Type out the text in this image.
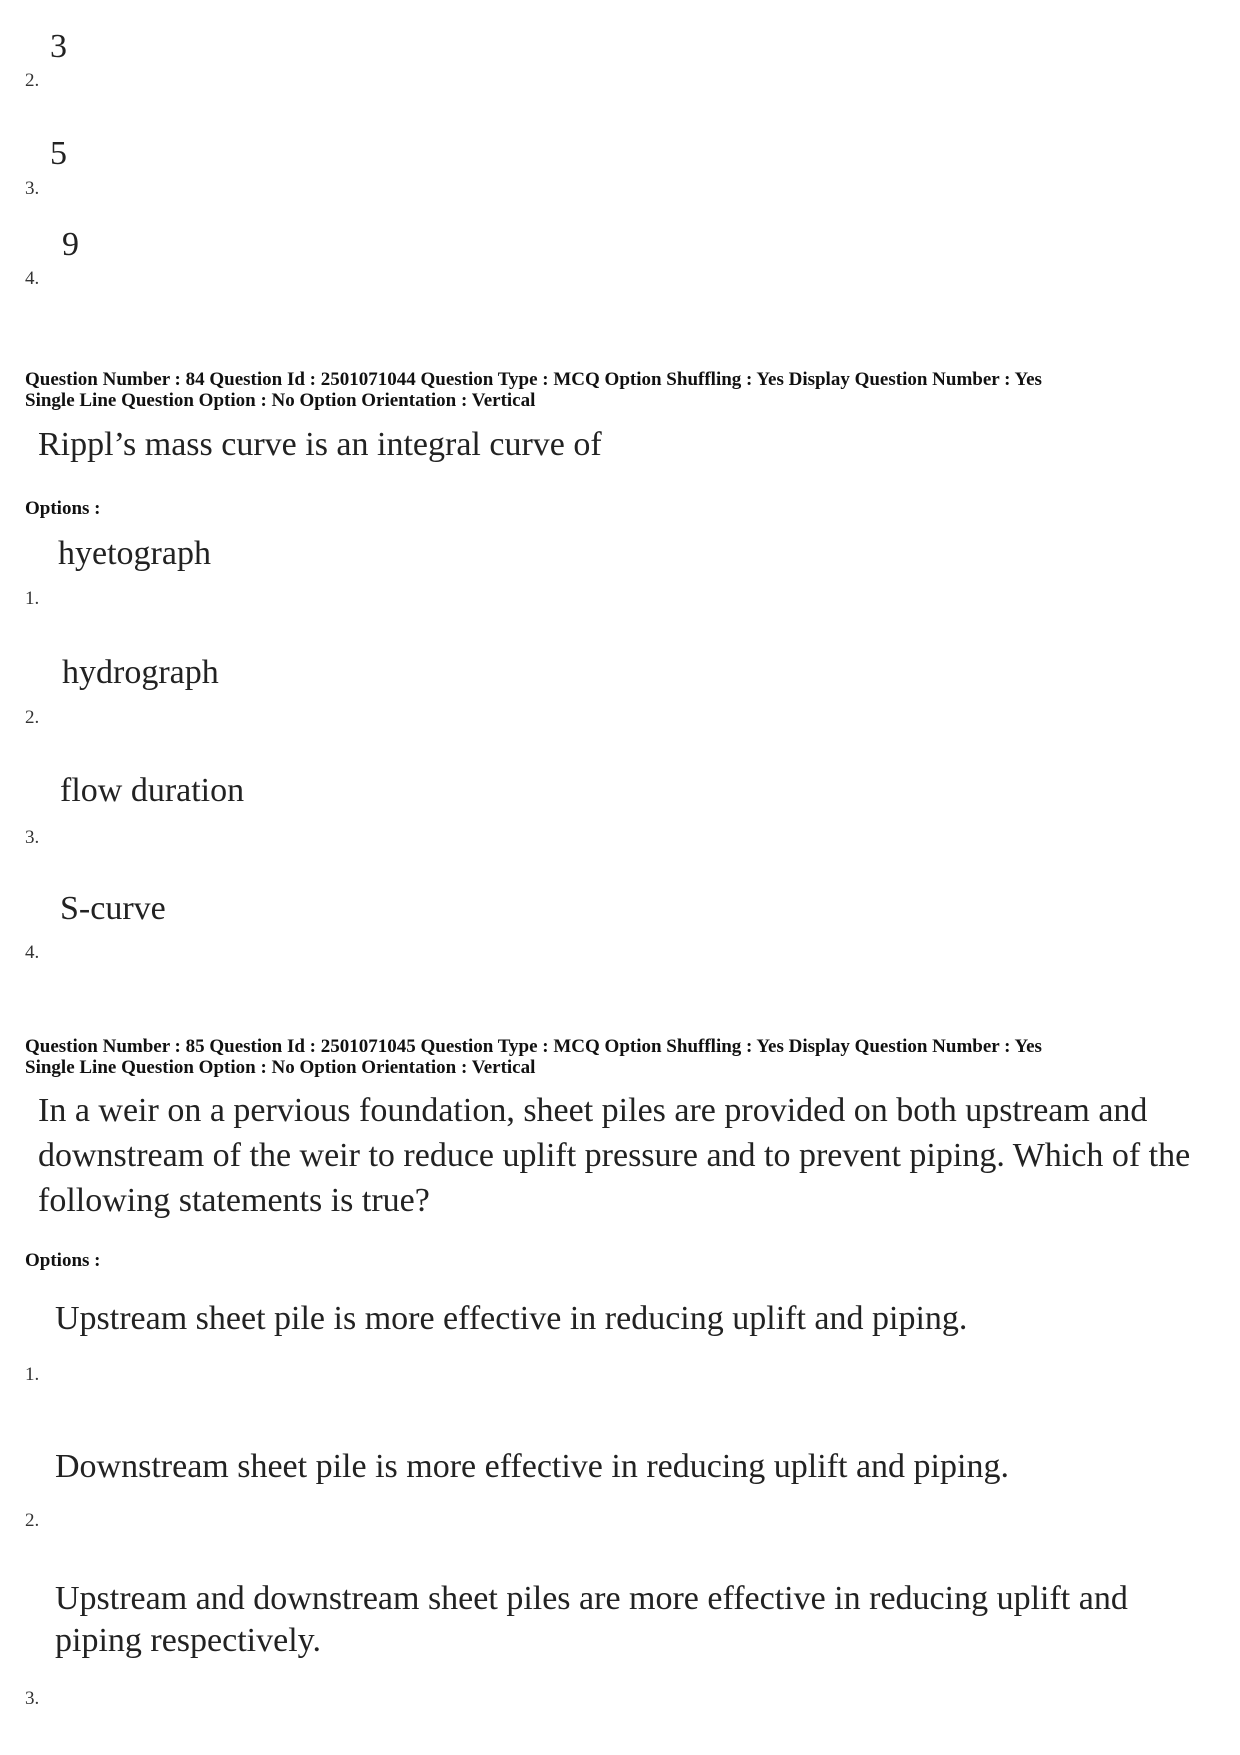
3
2.
5
3.
9
4.
Question Number : 84 Question Id : 2501071044 Question Type : MCQ Option Shuffling : Yes Display Question Number : Yes
Single Line Question Option : No Option Orientation : Vertical
Rippl’s mass curve is an integral curve of
Options :
hyetograph
1.
hydrograph
2.
flow duration
3.
S-curve
4.
Question Number : 85 Question Id : 2501071045 Question Type : MCQ Option Shuffling : Yes Display Question Number : Yes
Single Line Question Option : No Option Orientation : Vertical
In a weir on a pervious foundation, sheet piles are provided on both upstream and
downstream of the weir to reduce uplift pressure and to prevent piping. Which of the
following statements is true?
Options :
Upstream sheet pile is more effective in reducing uplift and piping.
1.
Downstream sheet pile is more effective in reducing uplift and piping.
2.
Upstream and downstream sheet piles are more effective in reducing uplift and
piping respectively.
3.
